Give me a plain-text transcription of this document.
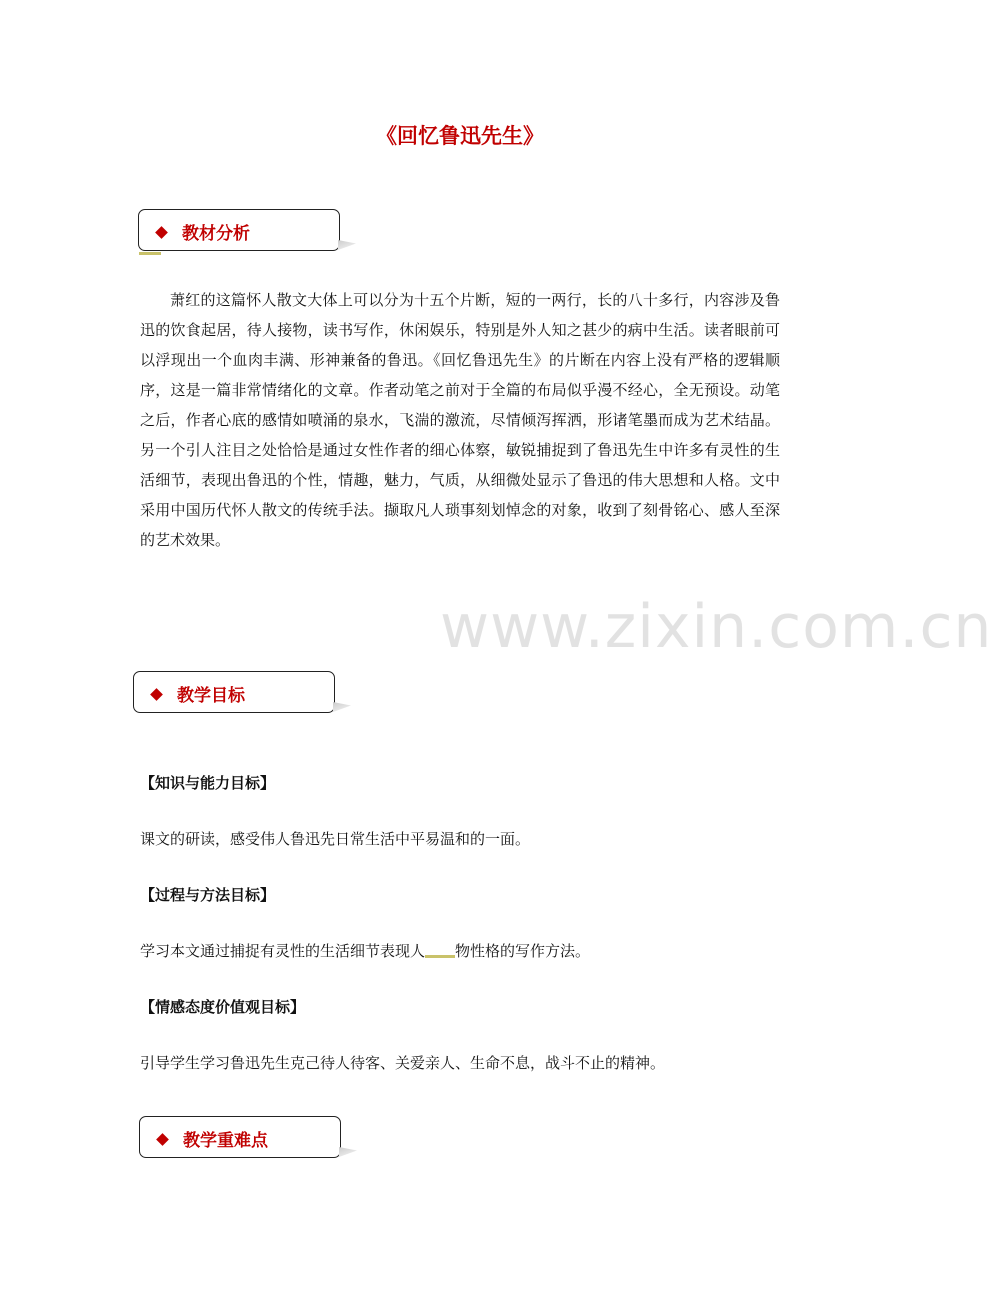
《回忆鲁迅先生》
教材分析
萧红的这篇怀人散文大体上可以分为十五个片断，短的一两行，长的八十多行，内容涉及鲁迅的饮食起居，待人接物，读书写作，休闲娱乐，特别是外人知之甚少的病中生活。读者眼前可以浮现出一个血肉丰满、形神兼备的鲁迅。《回忆鲁迅先生》的片断在内容上没有严格的逻辑顺序，这是一篇非常情绪化的文章。作者动笔之前对于全篇的布局似乎漫不经心，全无预设。动笔之后，作者心底的感情如喷涌的泉水，飞湍的激流，尽情倾泻挥洒，形诸笔墨而成为艺术结晶。另一个引人注目之处恰恰是通过女性作者的细心体察，敏锐捕捉到了鲁迅先生中许多有灵性的生活细节，表现出鲁迅的个性，情趣，魅力，气质，从细微处显示了鲁迅的伟大思想和人格。文中采用中国历代怀人散文的传统手法。撷取凡人琐事刻划悼念的对象，收到了刻骨铭心、感人至深的艺术效果。
www.zixin.com.cn
教学目标
【知识与能力目标】
课文的研读，感受伟人鲁迅先日常生活中平易温和的一面。
【过程与方法目标】
学习本文通过捕捉有灵性的生活细节表现人 物性格的写作方法。
【情感态度价值观目标】
引导学生学习鲁迅先生克己待人待客、关爱亲人、生命不息，战斗不止的精神。
教学重难点
